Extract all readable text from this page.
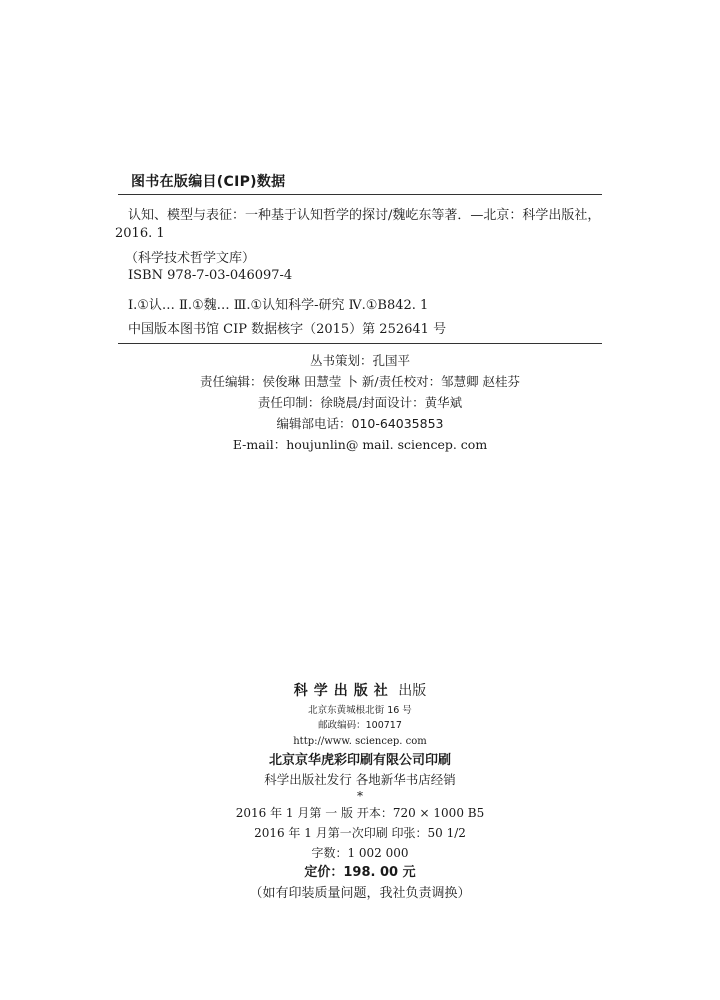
图书在版编目(CIP)数据
认知、模型与表征：一种基于认知哲学的探讨/魏屹东等著．—北京：科学出版社，
2016. 1
（科学技术哲学文库）
ISBN 978-7-03-046097-4
Ⅰ.①认… Ⅱ.①魏… Ⅲ.①认知科学-研究 Ⅳ.①B842. 1
中国版本图书馆 CIP 数据核字（2015）第 252641 号
丛书策划：孔国平
责任编辑：侯俊琳 田慧莹 卜 新/责任校对：邹慧卿 赵桂芬
责任印制：徐晓晨/封面设计：黄华斌
编辑部电话：010-64035853
E-mail：houjunlin@ mail. sciencep. com
科学出版社 出版
北京东黄城根北街 16 号
邮政编码：100717
http://www. sciencep. com
北京京华虎彩印刷有限公司印刷
科学出版社发行 各地新华书店经销
*
2016 年 1 月第 一 版 开本：720 × 1000 B5
2016 年 1 月第一次印刷 印张：50 1/2
字数：1 002 000
定价：198. 00 元
（如有印装质量问题，我社负责调换）
